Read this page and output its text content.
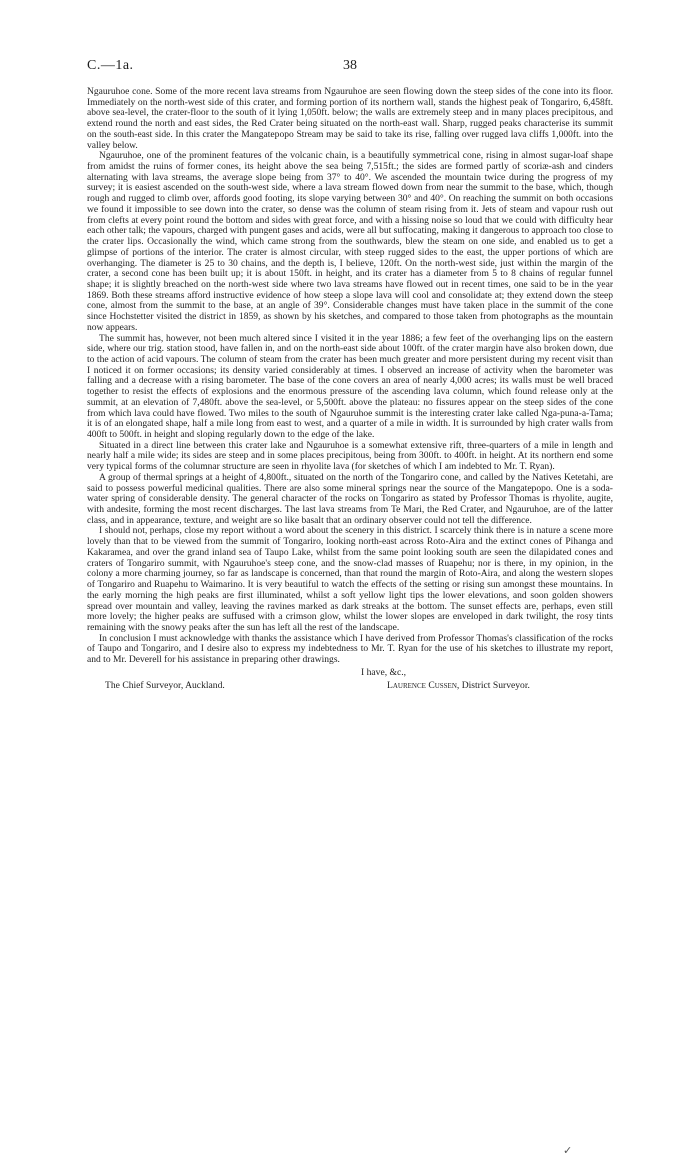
C.—1a.	38

Ngauruhoe cone. Some of the more recent lava streams from Ngauruhoe are seen flowing down the steep sides of the cone into its floor. Immediately on the north-west side of this crater, and forming portion of its northern wall, stands the highest peak of Tongariro, 6,458ft. above sea-level, the crater-floor to the south of it lying 1,050ft. below; the walls are extremely steep and in many places precipitous, and extend round the north and east sides, the Red Crater being situated on the north-east wall. Sharp, rugged peaks characterise its summit on the south-east side. In this crater the Mangatepopo Stream may be said to take its rise, falling over rugged lava cliffs 1,000ft. into the valley below.

Ngauruhoe, one of the prominent features of the volcanic chain, is a beautifully symmetrical cone, rising in almost sugar-loaf shape from amidst the ruins of former cones, its height above the sea being 7,515ft.; the sides are formed partly of scoriæ-ash and cinders alternating with lava streams, the average slope being from 37° to 40°. We ascended the mountain twice during the progress of my survey; it is easiest ascended on the south-west side, where a lava stream flowed down from near the summit to the base, which, though rough and rugged to climb over, affords good footing, its slope varying between 30° and 40°. On reaching the summit on both occasions we found it impossible to see down into the crater, so dense was the column of steam rising from it. Jets of steam and vapour rush out from clefts at every point round the bottom and sides with great force, and with a hissing noise so loud that we could with difficulty hear each other talk; the vapours, charged with pungent gases and acids, were all but suffocating, making it dangerous to approach too close to the crater lips. Occasionally the wind, which came strong from the southwards, blew the steam on one side, and enabled us to get a glimpse of portions of the interior. The crater is almost circular, with steep rugged sides to the east, the upper portions of which are overhanging. The diameter is 25 to 30 chains, and the depth is, I believe, 120ft. On the north-west side, just within the margin of the crater, a second cone has been built up; it is about 150ft. in height, and its crater has a diameter from 5 to 8 chains of regular funnel shape; it is slightly breached on the north-west side where two lava streams have flowed out in recent times, one said to be in the year 1869. Both these streams afford instructive evidence of how steep a slope lava will cool and consolidate at; they extend down the steep cone, almost from the summit to the base, at an angle of 39°. Considerable changes must have taken place in the summit of the cone since Hochstetter visited the district in 1859, as shown by his sketches, and compared to those taken from photographs as the mountain now appears.

The summit has, however, not been much altered since I visited it in the year 1886; a few feet of the overhanging lips on the eastern side, where our trig. station stood, have fallen in, and on the north-east side about 100ft. of the crater margin have also broken down, due to the action of acid vapours. The column of steam from the crater has been much greater and more persistent during my recent visit than I noticed it on former occasions; its density varied considerably at times. I observed an increase of activity when the barometer was falling and a decrease with a rising barometer. The base of the cone covers an area of nearly 4,000 acres; its walls must be well braced together to resist the effects of explosions and the enormous pressure of the ascending lava column, which found release only at the summit, at an elevation of 7,480ft. above the sea-level, or 5,500ft. above the plateau: no fissures appear on the steep sides of the cone from which lava could have flowed. Two miles to the south of Ngauruhoe summit is the interesting crater lake called Nga-puna-a-Tama; it is of an elongated shape, half a mile long from east to west, and a quarter of a mile in width. It is surrounded by high crater walls from 400ft to 500ft. in height and sloping regularly down to the edge of the lake.

Situated in a direct line between this crater lake and Ngauruhoe is a somewhat extensive rift, three-quarters of a mile in length and nearly half a mile wide; its sides are steep and in some places precipitous, being from 300ft. to 400ft. in height. At its northern end some very typical forms of the columnar structure are seen in rhyolite lava (for sketches of which I am indebted to Mr. T. Ryan).

A group of thermal springs at a height of 4,800ft., situated on the north of the Tongariro cone, and called by the Natives Ketetahi, are said to possess powerful medicinal qualities. There are also some mineral springs near the source of the Mangatepopo. One is a soda-water spring of considerable density. The general character of the rocks on Tongariro as stated by Professor Thomas is rhyolite, augite, with andesite, forming the most recent discharges. The last lava streams from Te Mari, the Red Crater, and Ngauruhoe, are of the latter class, and in appearance, texture, and weight are so like basalt that an ordinary observer could not tell the difference.

I should not, perhaps, close my report without a word about the scenery in this district. I scarcely think there is in nature a scene more lovely than that to be viewed from the summit of Tongariro, looking north-east across Roto-Aira and the extinct cones of Pihanga and Kakaramea, and over the grand inland sea of Taupo Lake, whilst from the same point looking south are seen the dilapidated cones and craters of Tongariro summit, with Ngauruhoe's steep cone, and the snow-clad masses of Ruapehu; nor is there, in my opinion, in the colony a more charming journey, so far as landscape is concerned, than that round the margin of Roto-Aira, and along the western slopes of Tongariro and Ruapehu to Waimarino. It is very beautiful to watch the effects of the setting or rising sun amongst these mountains. In the early morning the high peaks are first illuminated, whilst a soft yellow light tips the lower elevations, and soon golden showers spread over mountain and valley, leaving the ravines marked as dark streaks at the bottom. The sunset effects are, perhaps, even still more lovely; the higher peaks are suffused with a crimson glow, whilst the lower slopes are enveloped in dark twilight, the rosy tints remaining with the snowy peaks after the sun has left all the rest of the landscape.

In conclusion I must acknowledge with thanks the assistance which I have derived from Professor Thomas's classification of the rocks of Taupo and Tongariro, and I desire also to express my indebtedness to Mr. T. Ryan for the use of his sketches to illustrate my report, and to Mr. Deverell for his assistance in preparing other drawings.

I have, &c.,
The Chief Surveyor, Auckland.	Laurence Cussen, District Surveyor.
✓
